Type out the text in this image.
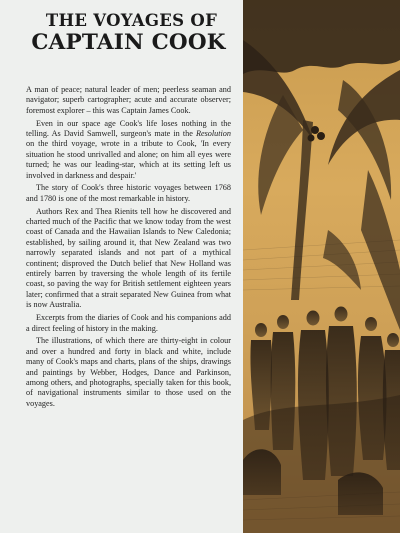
THE VOYAGES OF
CAPTAIN COOK

A man of peace; natural leader of men; peerless seaman and navigator; superb cartographer; acute and accurate observer; foremost explorer – this was Captain James Cook.

Even in our space age Cook's life loses nothing in the telling. As David Samwell, surgeon's mate in the Resolution on the third voyage, wrote in a tribute to Cook, 'In every situation he stood unrivalled and alone; on him all eyes were turned; he was our leading-star, which at its setting left us involved in darkness and despair.'

The story of Cook's three historic voyages between 1768 and 1780 is one of the most remarkable in history.

Authors Rex and Thea Rienits tell how he discovered and charted much of the Pacific that we know today from the west coast of Canada and the Hawaiian Islands to New Caledonia; established, by sailing around it, that New Zealand was two narrowly separated islands and not part of a mythical continent; disproved the Dutch belief that New Holland was entirely barren by traversing the whole length of its fertile coast, so paving the way for British settlement eighteen years later; confirmed that a strait separated New Guinea from what is now Australia.

Excerpts from the diaries of Cook and his companions add a direct feeling of history in the making.

The illustrations, of which there are thirty-eight in colour and over a hundred and forty in black and white, include many of Cook's maps and charts, plans of the ships, drawings and paintings by Webber, Hodges, Dance and Parkinson, among others, and photographs, specially taken for this book, of navigational instruments similar to those used on the voyages.
